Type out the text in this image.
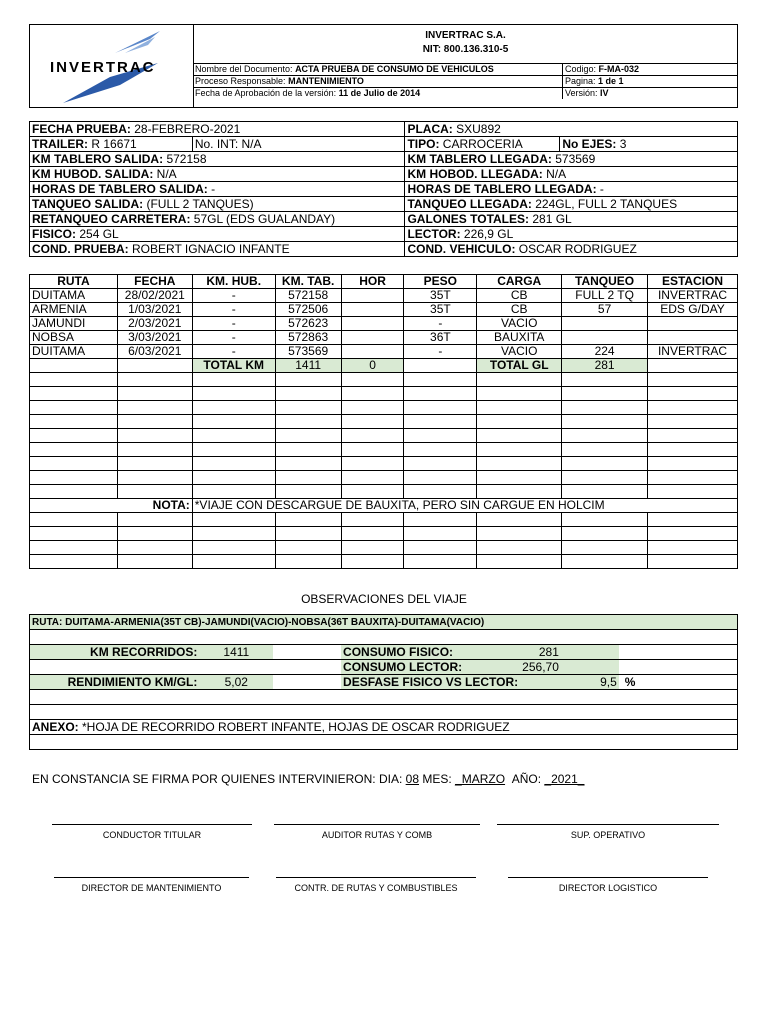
INVERTRAC
INVERTRAC S.A.
NIT: 800.136.310-5
Nombre del Documento: ACTA PRUEBA DE CONSUMO DE VEHICULOS	Codigo: F-MA-032
Proceso Responsable: MANTENIMIENTO	Pagina: 1 de 1
Fecha de Aprobación de la versión: 11 de Julio de 2014	Versión: IV
FECHA PRUEBA: 28-FEBRERO-2021		PLACA: SXU892	
TRAILER: R 16671	No. INT: N/A	TIPO: CARROCERIA	No EJES: 3
KM TABLERO SALIDA: 572158		KM TABLERO LLEGADA: 573569	
KM HUBOD. SALIDA: N/A		KM HOBOD. LLEGADA: N/A	
HORAS DE TABLERO SALIDA: -		HORAS DE TABLERO LLEGADA: -	
TANQUEO SALIDA: (FULL 2 TANQUES)		TANQUEO LLEGADA: 224GL, FULL 2 TANQUES	
RETANQUEO CARRETERA: 57GL (EDS GUALANDAY)		GALONES TOTALES: 281 GL	
FISICO: 254 GL		LECTOR: 226,9 GL	
COND. PRUEBA: ROBERT IGNACIO INFANTE		COND. VEHICULO: OSCAR RODRIGUEZ	
RUTA	FECHA	KM. HUB.	KM. TAB.	HOR	PESO	CARGA	TANQUEO	ESTACION
DUITAMA	28/02/2021	-	572158		35T	CB	FULL 2 TQ	INVERTRAC
ARMENIA	1/03/2021	-	572506		35T	CB	57	EDS G/DAY
JAMUNDI	2/03/2021	-	572623		-	VACIO		
NOBSA	3/03/2021	-	572863		36T	BAUXITA		
DUITAMA	6/03/2021	-	573569		-	VACIO	224	INVERTRAC
		TOTAL KM	1411	0		TOTAL GL	281	

NOTA:		*VIAJE CON DESCARGUE DE BAUXITA, PERO SIN CARGUE EN HOLCIM						

OBSERVACIONES DEL VIAJE
RUTA: DUITAMA-ARMENIA(35T CB)-JAMUNDI(VACIO)-NOBSA(36T BAUXITA)-DUITAMA(VACIO)						

KM RECORRIDOS:	1411		CONSUMO FISICO:	281		
			CONSUMO LECTOR:	256,70		
RENDIMIENTO KM/GL:	5,02		DESFASE FISICO VS LECTOR:		9,5	%

ANEXO: *HOJA DE RECORRIDO ROBERT INFANTE, HOJAS DE OSCAR RODRIGUEZ						

EN CONSTANCIA SE FIRMA POR QUIENES INTERVINIERON: DIA: 08 MES: _MARZO AÑO: _2021_
CONDUCTOR TITULAR	AUDITOR RUTAS Y COMB	SUP. OPERATIVO
DIRECTOR DE MANTENIMIENTO	CONTR. DE RUTAS Y COMBUSTIBLES	DIRECTOR LOGISTICO
